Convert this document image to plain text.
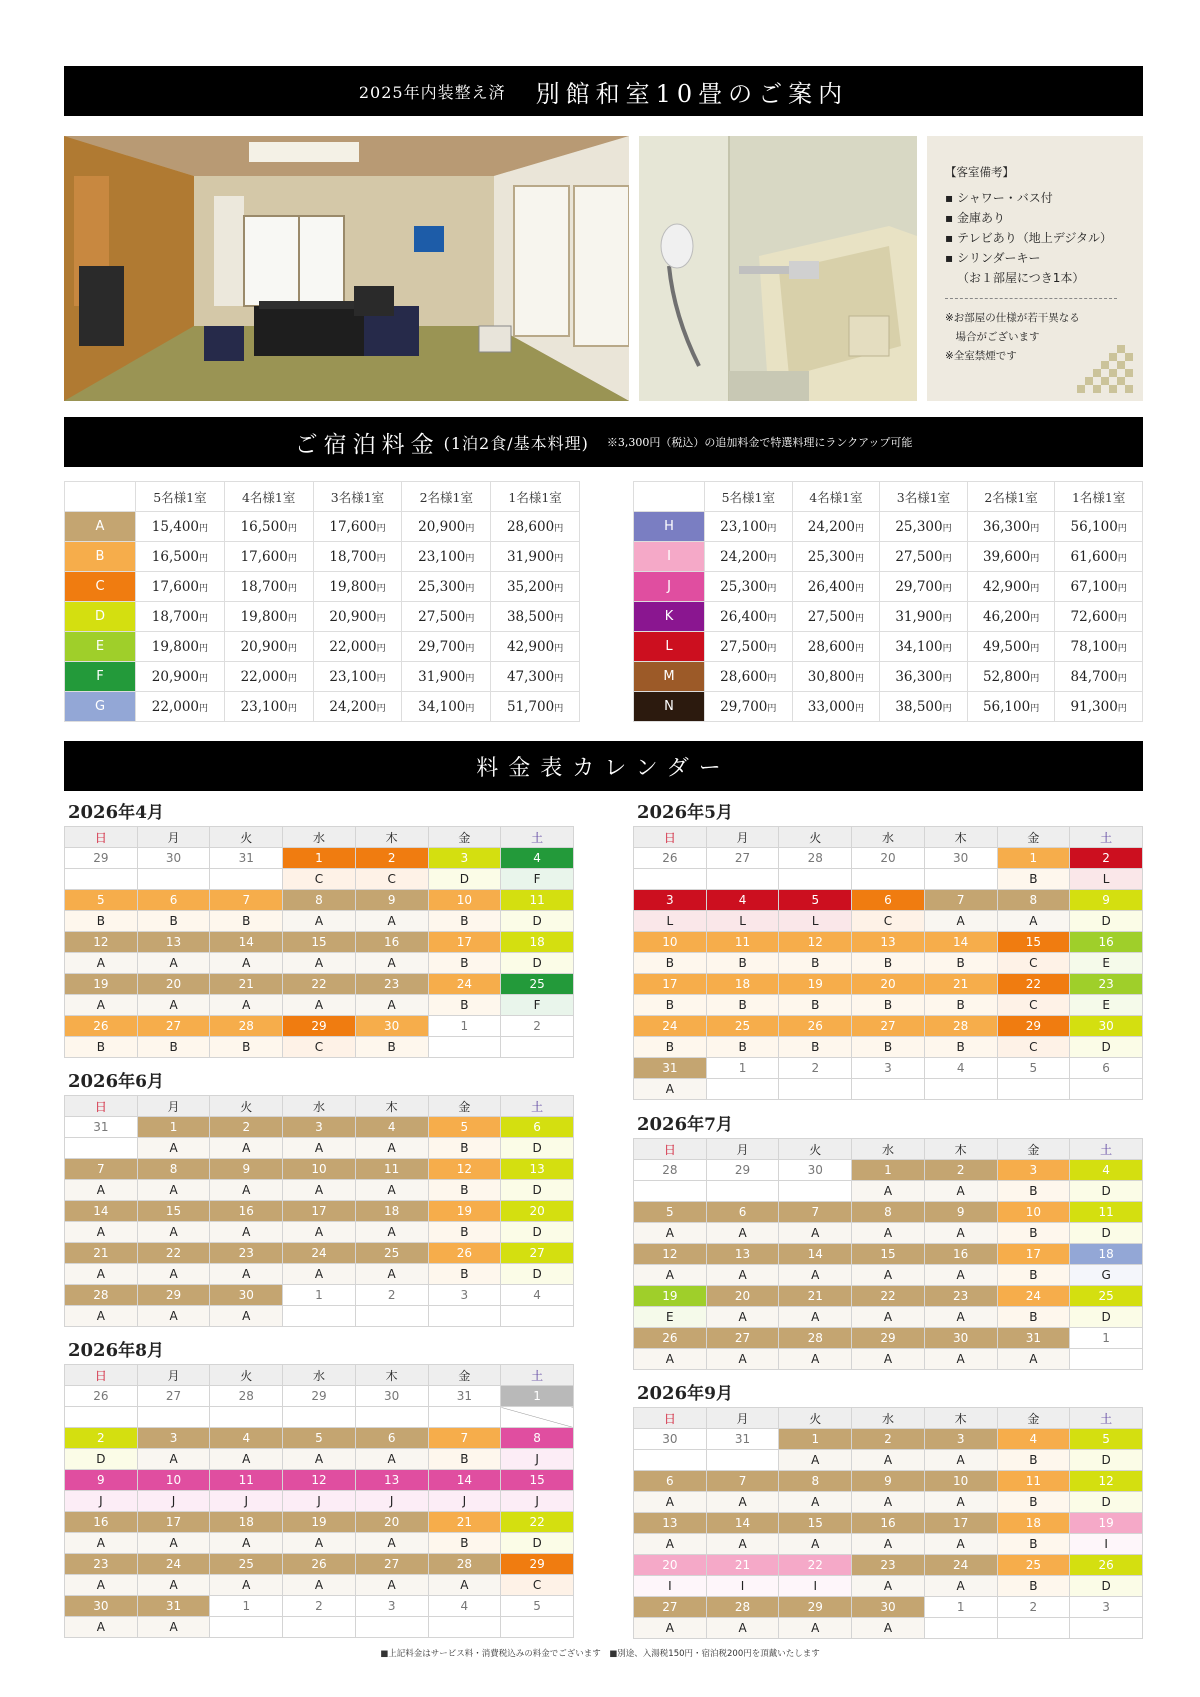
2025年内装整え済 別館和室10畳のご案内
【客室備考】
▪ シャワー・バス付
▪ 金庫あり
▪ テレビあり（地上デジタル）
▪ シリンダーキー
（お１部屋につき1本）
※お部屋の仕様が若干異なる
　場合がございます
※全室禁煙です
ご宿泊料金 (1泊2食/基本料理) ※3,300円（税込）の追加料金で特選料理にランクアップ可能
	5名様1室	4名様1室	3名様1室	2名様1室	1名様1室
A	15,400円	16,500円	17,600円	20,900円	28,600円
B	16,500円	17,600円	18,700円	23,100円	31,900円
C	17,600円	18,700円	19,800円	25,300円	35,200円
D	18,700円	19,800円	20,900円	27,500円	38,500円
E	19,800円	20,900円	22,000円	29,700円	42,900円
F	20,900円	22,000円	23,100円	31,900円	47,300円
G	22,000円	23,100円	24,200円	34,100円	51,700円
	5名様1室	4名様1室	3名様1室	2名様1室	1名様1室
H	23,100円	24,200円	25,300円	36,300円	56,100円
I	24,200円	25,300円	27,500円	39,600円	61,600円
J	25,300円	26,400円	29,700円	42,900円	67,100円
K	26,400円	27,500円	31,900円	46,200円	72,600円
L	27,500円	28,600円	34,100円	49,500円	78,100円
M	28,600円	30,800円	36,300円	52,800円	84,700円
N	29,700円	33,000円	38,500円	56,100円	91,300円
料金表カレンダー
2026年4月
日	月	火	水	木	金	土
29	30	31	1	2	3	4
			C	C	D	F
5	6	7	8	9	10	11
B	B	B	A	A	B	D
12	13	14	15	16	17	18
A	A	A	A	A	B	D
19	20	21	22	23	24	25
A	A	A	A	A	B	F
26	27	28	29	30	1	2
B	B	B	C	B		
2026年5月
日	月	火	水	木	金	土
26	27	28	20	30	1	2
					B	L
3	4	5	6	7	8	9
L	L	L	C	A	A	D
10	11	12	13	14	15	16
B	B	B	B	B	C	E
17	18	19	20	21	22	23
B	B	B	B	B	C	E
24	25	26	27	28	29	30
B	B	B	B	B	C	D
31	1	2	3	4	5	6
A						
2026年6月
日	月	火	水	木	金	土
31	1	2	3	4	5	6
	A	A	A	A	B	D
7	8	9	10	11	12	13
A	A	A	A	A	B	D
14	15	16	17	18	19	20
A	A	A	A	A	B	D
21	22	23	24	25	26	27
A	A	A	A	A	B	D
28	29	30	1	2	3	4
A	A	A				
2026年7月
日	月	火	水	木	金	土
28	29	30	1	2	3	4
			A	A	B	D
5	6	7	8	9	10	11
A	A	A	A	A	B	D
12	13	14	15	16	17	18
A	A	A	A	A	B	G
19	20	21	22	23	24	25
E	A	A	A	A	B	D
26	27	28	29	30	31	1
A	A	A	A	A	A	
2026年8月
日	月	火	水	木	金	土
26	27	28	29	30	31	1

2	3	4	5	6	7	8
D	A	A	A	A	B	J
9	10	11	12	13	14	15
J	J	J	J	J	J	J
16	17	18	19	20	21	22
A	A	A	A	A	B	D
23	24	25	26	27	28	29
A	A	A	A	A	A	C
30	31	1	2	3	4	5
A	A					
2026年9月
日	月	火	水	木	金	土
30	31	1	2	3	4	5
		A	A	A	B	D
6	7	8	9	10	11	12
A	A	A	A	A	B	D
13	14	15	16	17	18	19
A	A	A	A	A	B	I
20	21	22	23	24	25	26
I	I	I	A	A	B	D
27	28	29	30	1	2	3
A	A	A	A			
■上記料金はサービス料・消費税込みの料金でございます　■別途、入湯税150円・宿泊税200円を頂戴いたします
